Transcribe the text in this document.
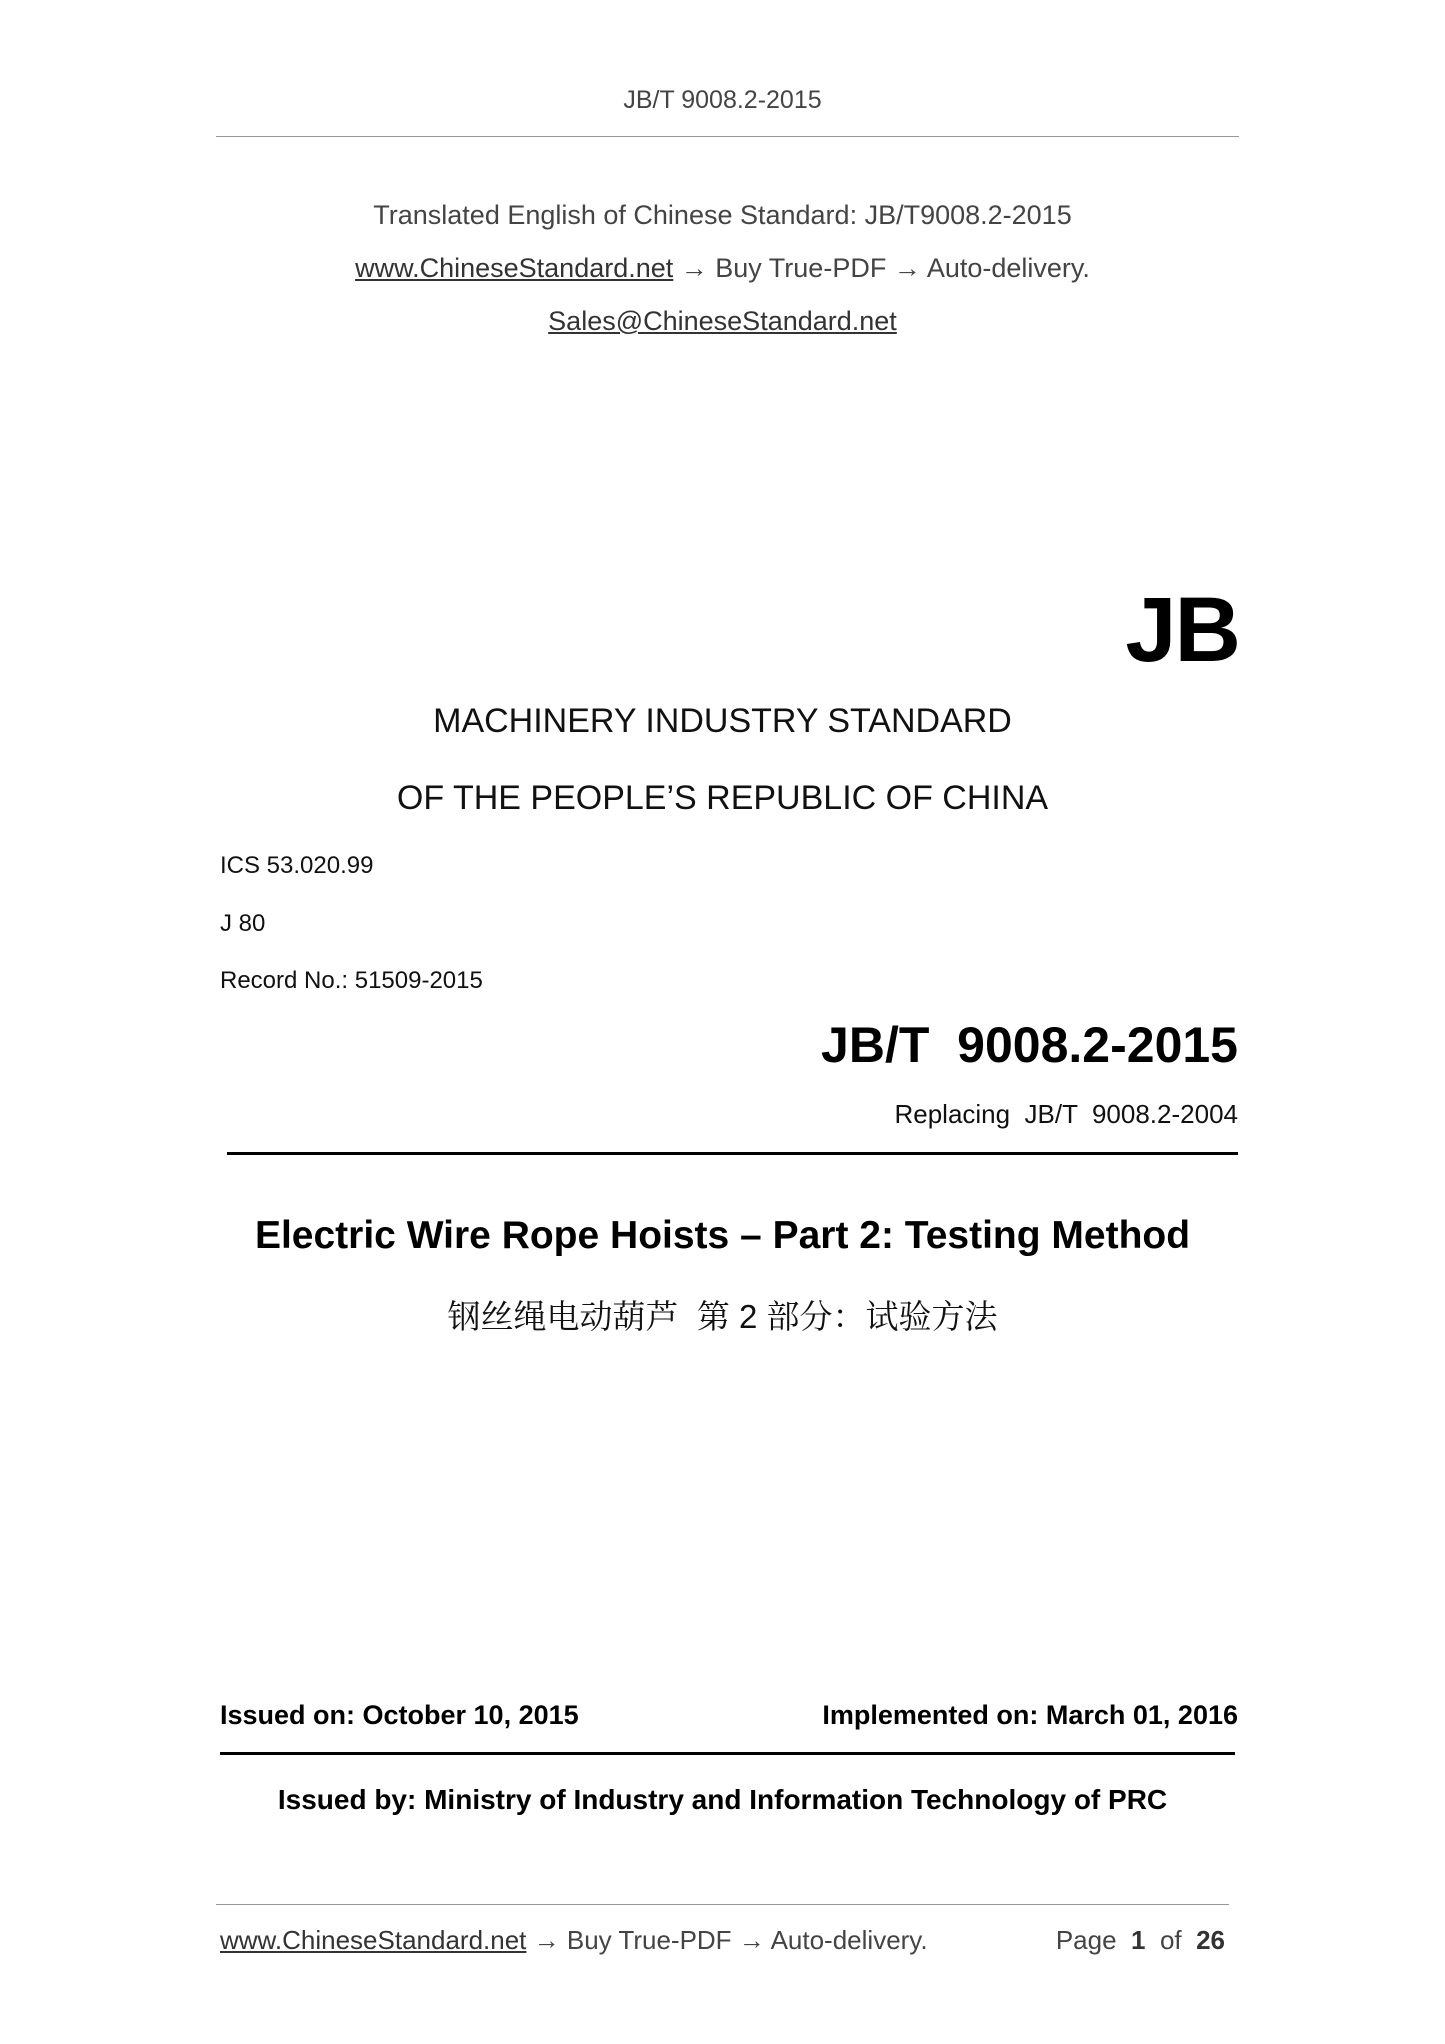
JB/T 9008.2-2015
Translated English of Chinese Standard: JB/T9008.2-2015
www.ChineseStandard.net → Buy True-PDF → Auto-delivery.
Sales@ChineseStandard.net
JB
MACHINERY INDUSTRY STANDARD
OF THE PEOPLE’S REPUBLIC OF CHINA
ICS 53.020.99
J 80
Record No.: 51509-2015
JB/T  9008.2-2015
Replacing  JB/T  9008.2-2004
Electric Wire Rope Hoists – Part 2: Testing Method
钢丝绳电动葫芦  第 2 部分：试验方法
Issued on: October 10, 2015	Implemented on: March 01, 2016
Issued by: Ministry of Industry and Information Technology of PRC
www.ChineseStandard.net → Buy True-PDF → Auto-delivery.	Page 1 of 26
